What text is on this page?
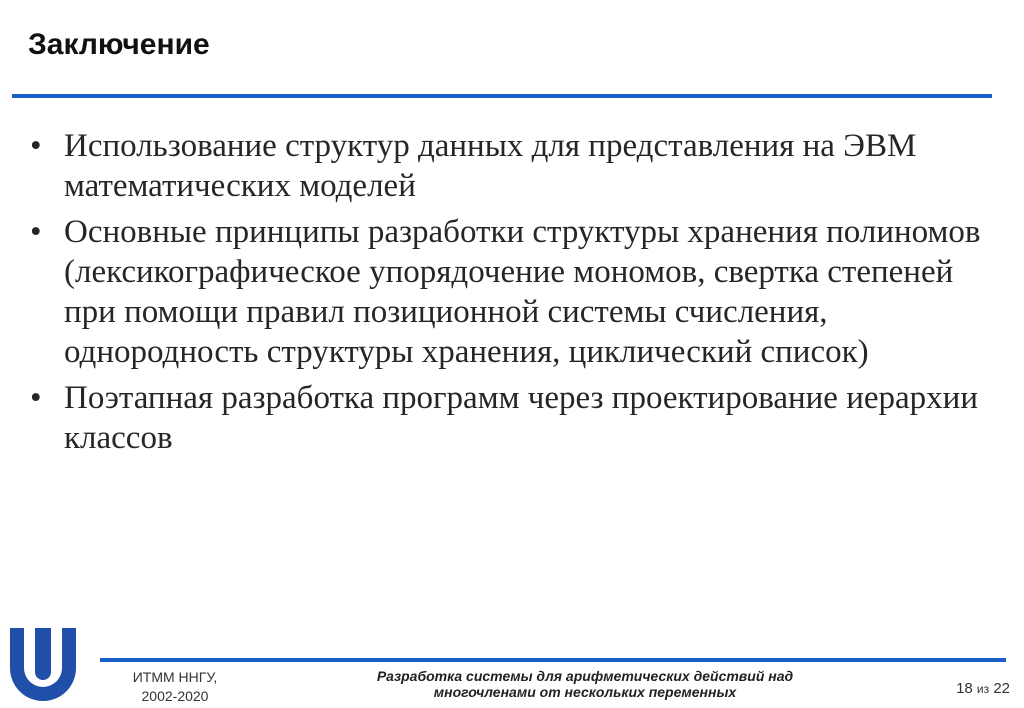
Заключение
• Использование структур данных для представления на ЭВМ математических моделей
• Основные принципы разработки структуры хранения полиномов (лексикографическое упорядочение мономов, свертка степеней при помощи правил позиционной системы счисления, однородность структуры хранения, циклический список)
• Поэтапная разработка программ через проектирование иерархии классов
ИТММ ННГУ,
2002-2020
Разработка системы для арифметических действий над
многочленами от нескольких переменных	18 из 22
